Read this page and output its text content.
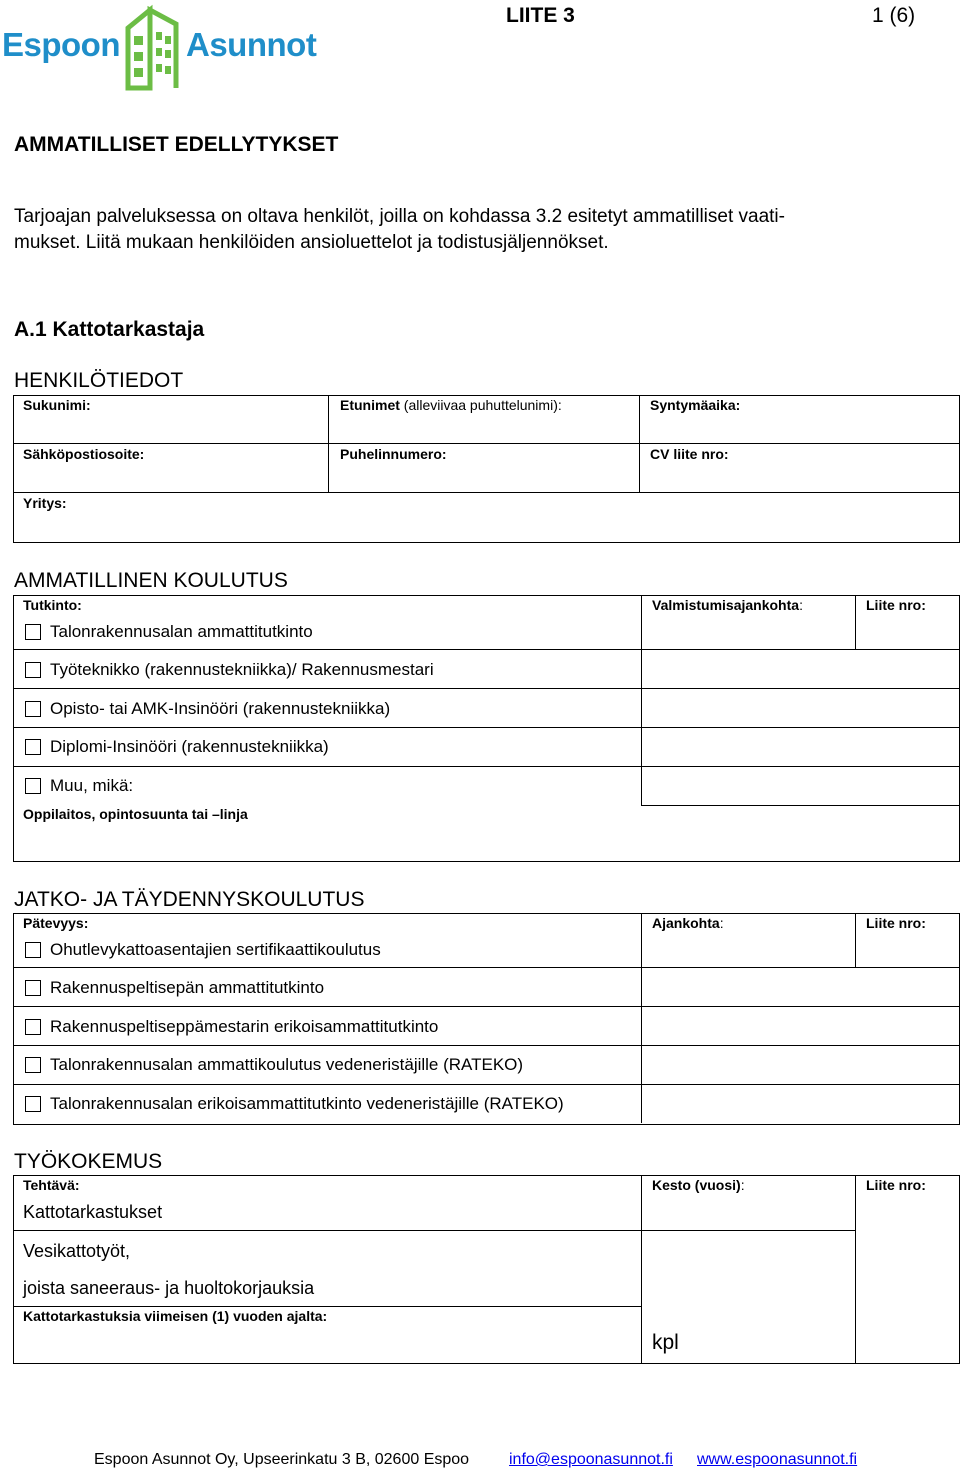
Espoon Asunnot
LIITE 3	1 (6)
AMMATILLISET EDELLYTYKSET
Tarjoajan palveluksessa on oltava henkilöt, joilla on kohdassa 3.2 esitetyt ammatilliset vaati-
mukset. Liitä mukaan henkilöiden ansioluettelot ja todistusjäljennökset.
A.1 Kattotarkastaja
HENKILÖTIEDOT
Sukunimi:	Etunimet (alleviivaa puhuttelunimi):	Syntymäaika:
Sähköpostiosoite:	Puhelinnumero:	CV liite nro:
Yritys:
AMMATILLINEN KOULUTUS
Tutkinto:	Valmistumisajankohta:	Liite nro:
Talonrakennusalan ammattitutkinto
Työteknikko (rakennustekniikka)/ Rakennusmestari
Opisto- tai AMK-Insinööri (rakennustekniikka)
Diplomi-Insinööri (rakennustekniikka)
Muu, mikä:
Oppilaitos, opintosuunta tai –linja
JATKO- JA TÄYDENNYSKOULUTUS
Pätevyys:	Ajankohta:	Liite nro:
Ohutlevykattoasentajien sertifikaattikoulutus
Rakennuspeltisepän ammattitutkinto
Rakennuspeltiseppämestarin erikoisammattitutkinto
Talonrakennusalan ammattikoulutus vedeneristäjille (RATEKO)
Talonrakennusalan erikoisammattitutkinto vedeneristäjille (RATEKO)
TYÖKOKEMUS
Tehtävä:	Kesto (vuosi):	Liite nro:
Kattotarkastukset
Vesikattotyöt,
joista saneeraus- ja huoltokorjauksia
Kattotarkastuksia viimeisen (1) vuoden ajalta:
kpl
Espoon Asunnot Oy, Upseerinkatu 3 B, 02600 Espoo info@espoonasunnot.fi www.espoonasunnot.fi
